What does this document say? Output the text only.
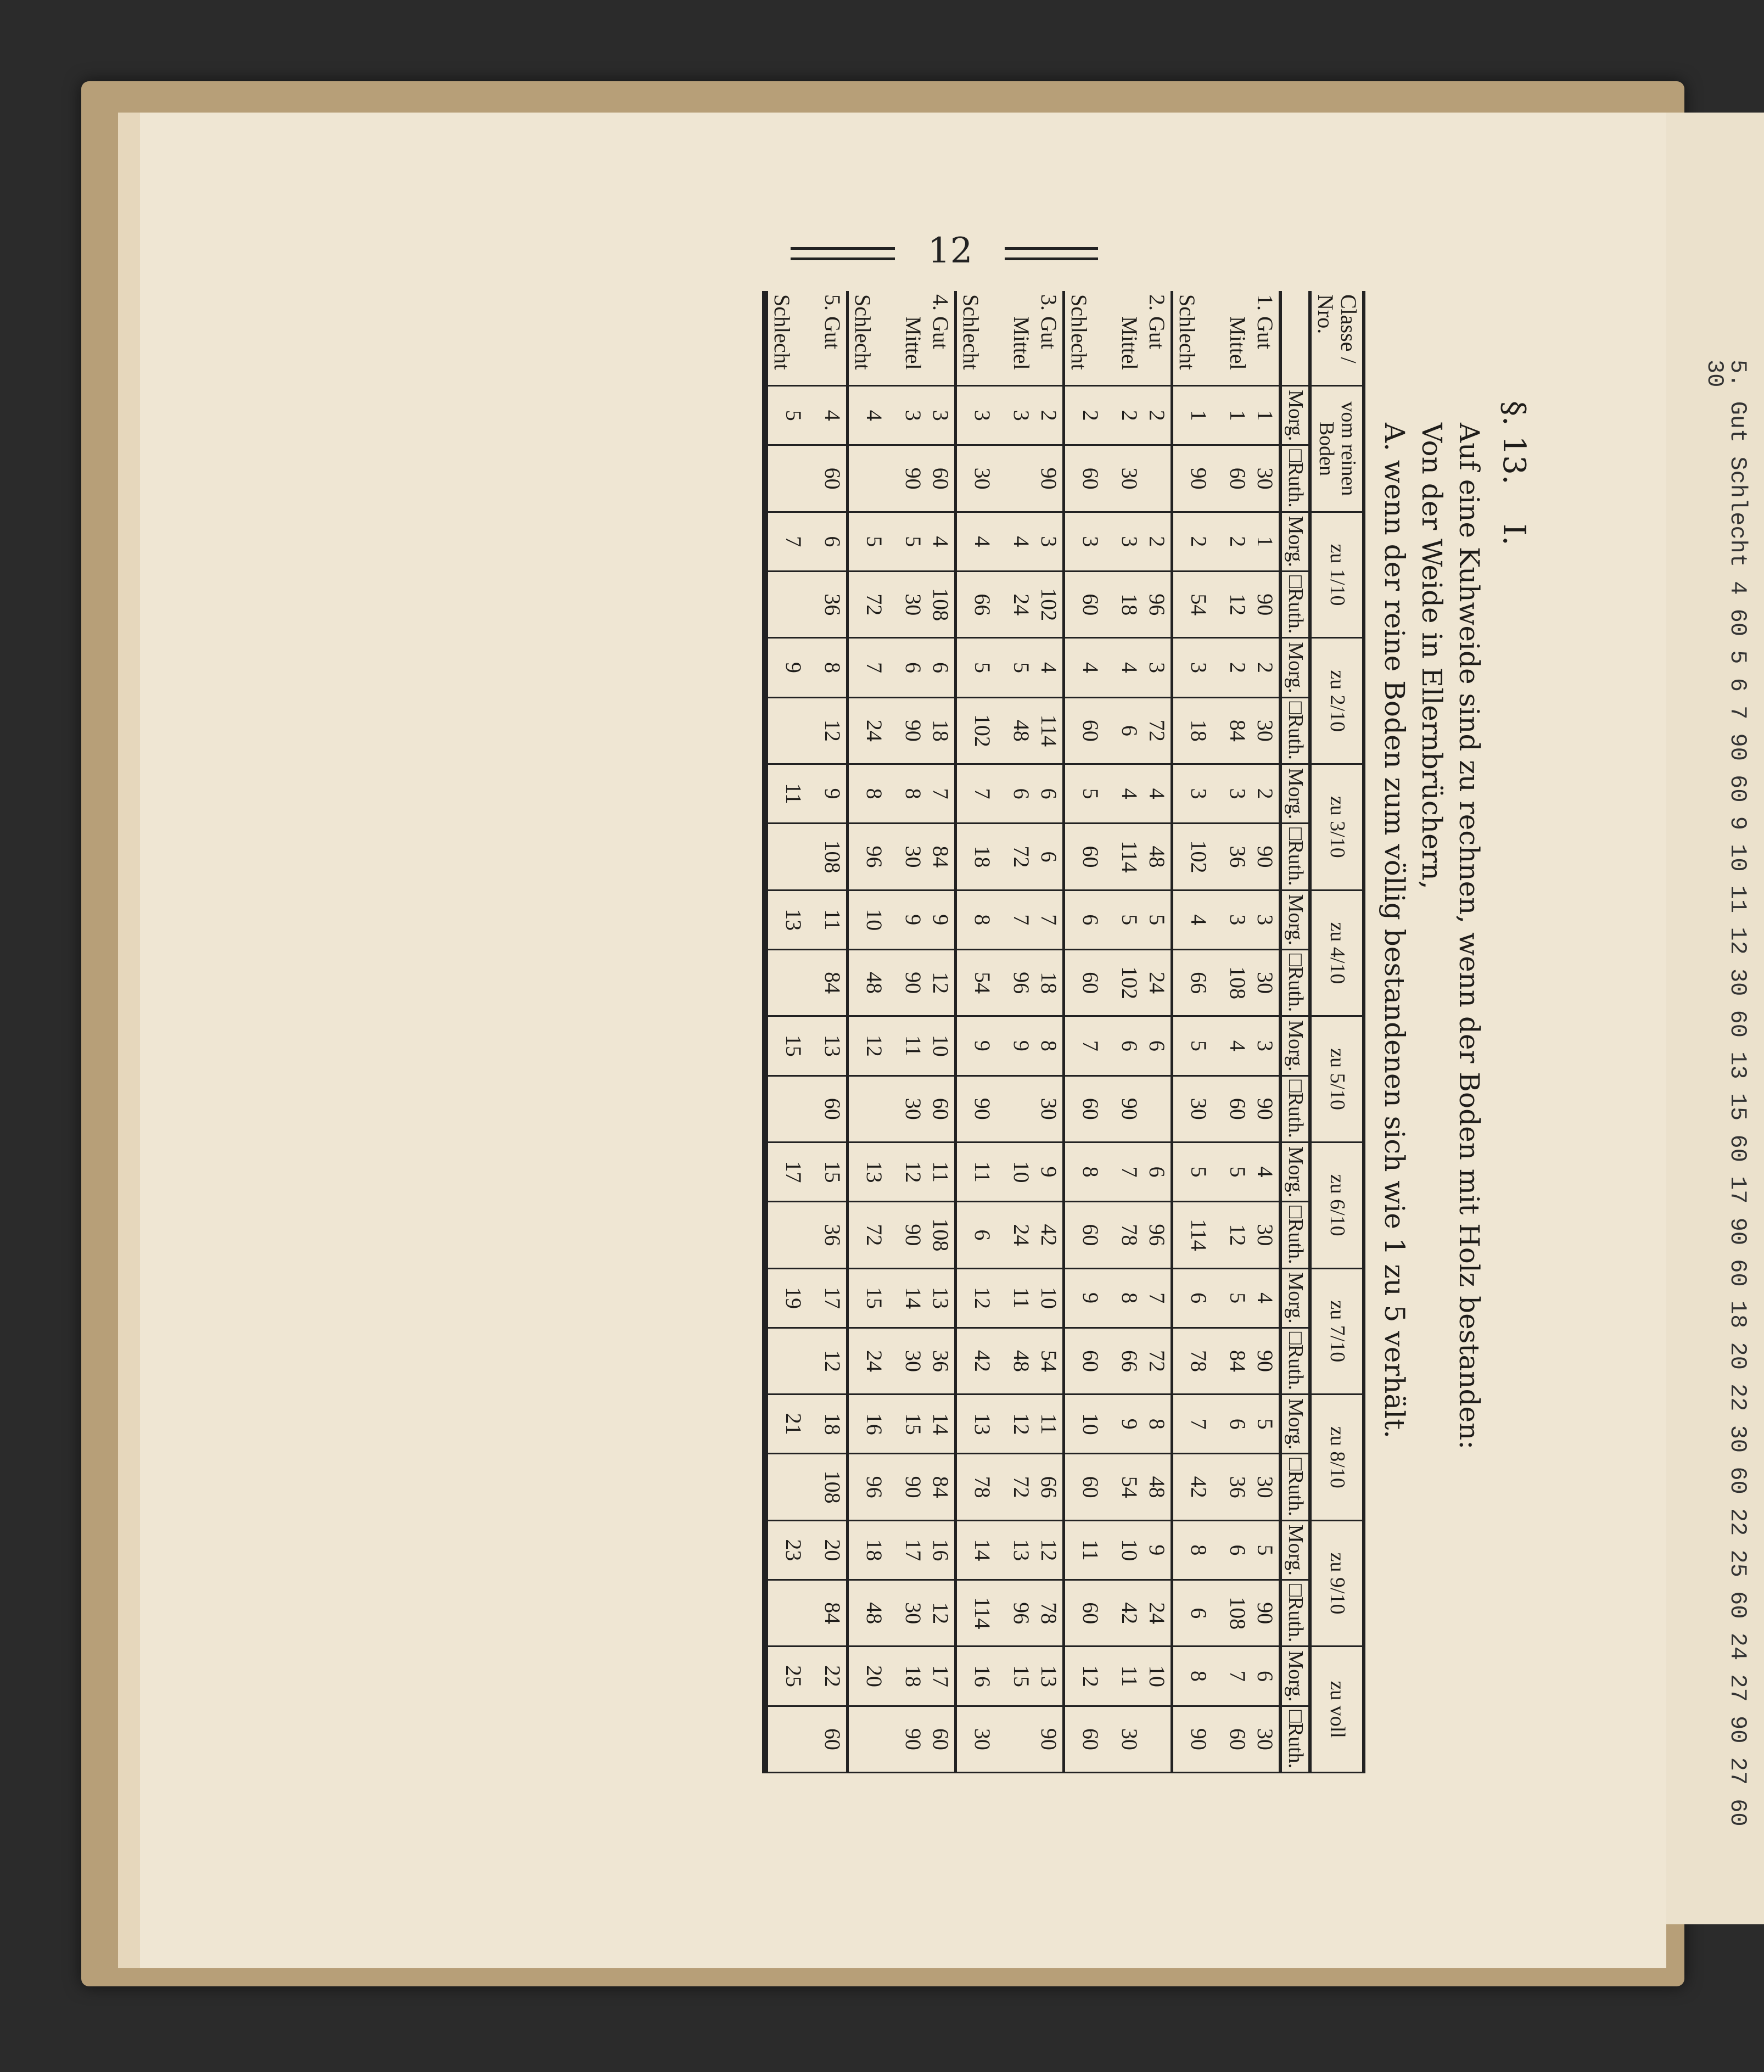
5. Gut Schlecht 4 60 5 6 7 90 60 9 10 11 12 30 60 13 15 60 17 90 60 18 20 22 30 60 22 25 60 24 27 90 27 60 30
12
§. 13.    I.
Auf eine Kuhweide sind zu rechnen, wenn der Boden mit Holz bestanden:
Von der Weide in Ellernbrüchern,
A. wenn der reine Boden zum völlig bestandenen sich wie 1 zu 5 verhält.
Classe / Nro.	vom reinen Boden		zu 1/10		zu 2/10		zu 3/10		zu 4/10		zu 5/10		zu 6/10		zu 7/10		zu 8/10		zu 9/10		zu voll	
	Morg.	□Ruth.	Morg.	□Ruth.	Morg.	□Ruth.	Morg.	□Ruth.	Morg.	□Ruth.	Morg.	□Ruth.	Morg.	□Ruth.	Morg.	□Ruth.	Morg.	□Ruth.	Morg.	□Ruth.	Morg.	□Ruth.
1. Gut	1	30	1	90	2	30	2	90	3	30	3	90	4	30	4	90	5	30	5	90	6	30
Mittel	1	60	2	12	2	84	3	36	3	108	4	60	5	12	5	84	6	36	6	108	7	60
Schlecht	1	90	2	54	3	18	3	102	4	66	5	30	5	114	6	78	7	42	8	6	8	90
2. Gut	2		2	96	3	72	4	48	5	24	6		6	96	7	72	8	48	9	24	10	
Mittel	2	30	3	18	4	6	4	114	5	102	6	90	7	78	8	66	9	54	10	42	11	30
Schlecht	2	60	3	60	4	60	5	60	6	60	7	60	8	60	9	60	10	60	11	60	12	60
3. Gut	2	90	3	102	4	114	6	6	7	18	8	30	9	42	10	54	11	66	12	78	13	90
Mittel	3		4	24	5	48	6	72	7	96	9		10	24	11	48	12	72	13	96	15	
Schlecht	3	30	4	66	5	102	7	18	8	54	9	90	11	6	12	42	13	78	14	114	16	30
4. Gut	3	60	4	108	6	18	7	84	9	12	10	60	11	108	13	36	14	84	16	12	17	60
Mittel	3	90	5	30	6	90	8	30	9	90	11	30	12	90	14	30	15	90	17	30	18	90
Schlecht	4		5	72	7	24	8	96	10	48	12		13	72	15	24	16	96	18	48	20	
5. Gut	4	60	6	36	8	12	9	108	11	84	13	60	15	36	17	12	18	108	20	84	22	60
Schlecht	5		7		9		11		13		15		17		19		21		23		25	
